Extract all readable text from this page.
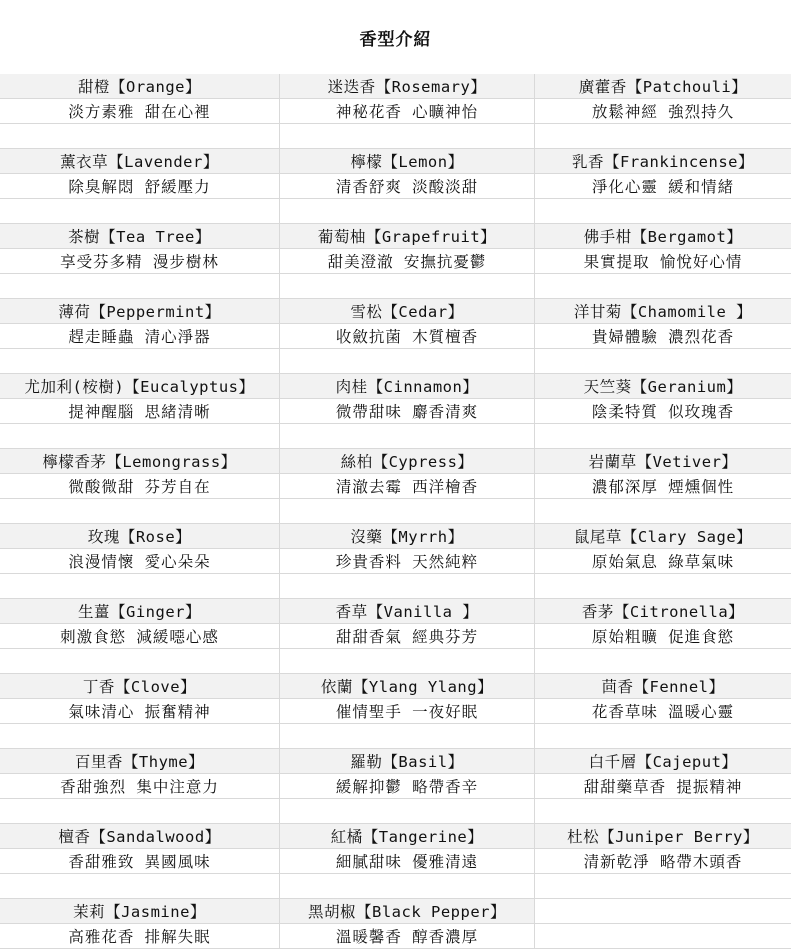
香型介紹
甜橙【Orange】
淡方素雅 甜在心裡
迷迭香【Rosemary】
神秘花香 心曠神怡
廣藿香【Patchouli】
放鬆神經 強烈持久
薰衣草【Lavender】
除臭解悶 舒緩壓力
檸檬【Lemon】
清香舒爽 淡酸淡甜
乳香【Frankincense】
淨化心靈 緩和情緒
茶樹【Tea Tree】
享受芬多精 漫步樹林
葡萄柚【Grapefruit】
甜美澄澈 安撫抗憂鬱
佛手柑【Bergamot】
果實提取 愉悅好心情
薄荷【Peppermint】
趕走睡蟲 清心淨器
雪松【Cedar】
收斂抗菌 木質檀香
洋甘菊【Chamomile 】
貴婦體驗 濃烈花香
尤加利(桉樹)【Eucalyptus】
提神醒腦 思緒清晰
肉桂【Cinnamon】
微帶甜味 麝香清爽
天竺葵【Geranium】
陰柔特質 似玫瑰香
檸檬香茅【Lemongrass】
微酸微甜 芬芳自在
絲柏【Cypress】
清澈去霉 西洋檜香
岩蘭草【Vetiver】
濃郁深厚 煙燻個性
玫瑰【Rose】
浪漫情懷 愛心朵朵
沒藥【Myrrh】
珍貴香料 天然純粹
鼠尾草【Clary Sage】
原始氣息 綠草氣味
生薑【Ginger】
刺激食慾 減緩噁心感
香草【Vanilla 】
甜甜香氣 經典芬芳
香茅【Citronella】
原始粗曠 促進食慾
丁香【Clove】
氣味清心 振奮精神
依蘭【Ylang Ylang】
催情聖手 一夜好眠
茴香【Fennel】
花香草味 溫暖心靈
百里香【Thyme】
香甜強烈 集中注意力
羅勒【Basil】
緩解抑鬱 略帶香辛
白千層【Cajeput】
甜甜藥草香 提振精神
檀香【Sandalwood】
香甜雅致 異國風味
紅橘【Tangerine】
細膩甜味 優雅清遠
杜松【Juniper Berry】
清新乾淨 略帶木頭香
茉莉【Jasmine】
高雅花香 排解失眠
黑胡椒【Black Pepper】
溫暖馨香 醇香濃厚
